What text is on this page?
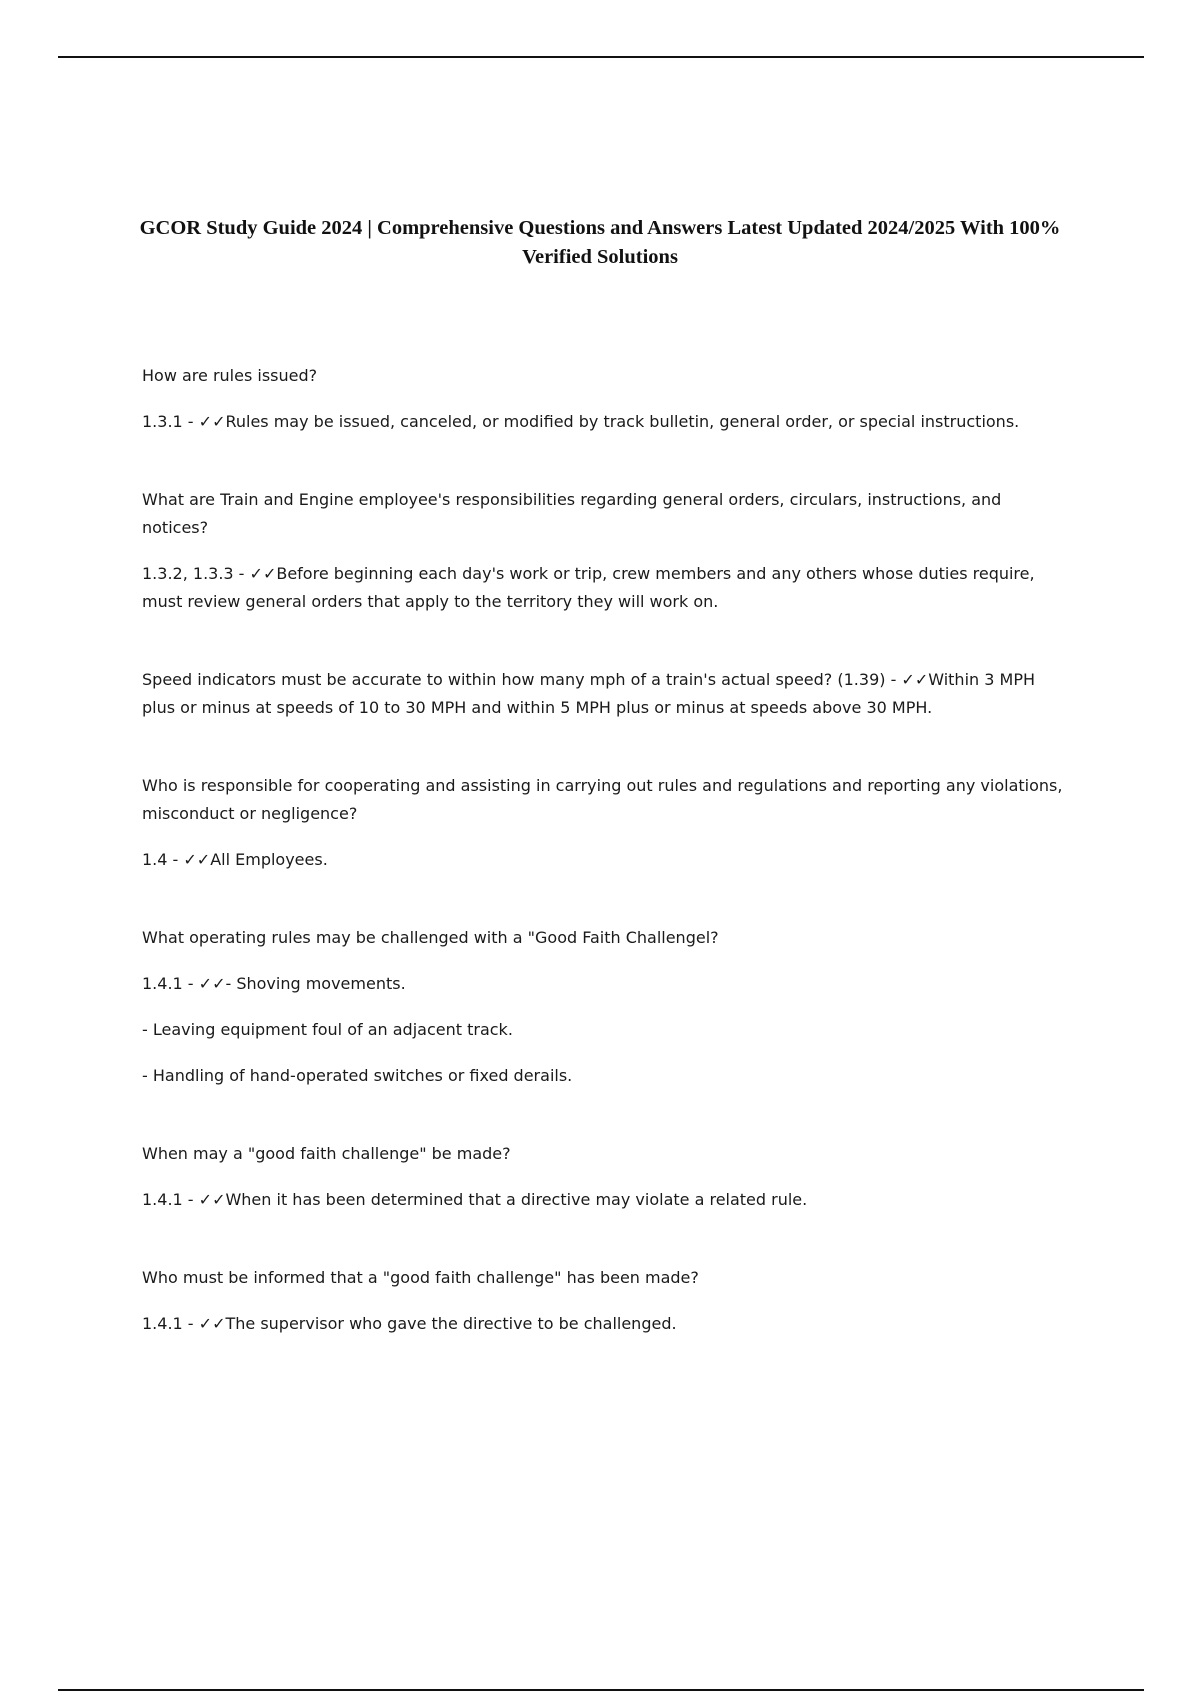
GCOR Study Guide 2024 | Comprehensive Questions and Answers Latest Updated 2024/2025 With 100% Verified Solutions

How are rules issued?

1.3.1 - ✓✓Rules may be issued, canceled, or modified by track bulletin, general order, or special instructions.

What are Train and Engine employee's responsibilities regarding general orders, circulars, instructions, and notices?

1.3.2, 1.3.3 - ✓✓Before beginning each day's work or trip, crew members and any others whose duties require, must review general orders that apply to the territory they will work on.

Speed indicators must be accurate to within how many mph of a train's actual speed? (1.39) - ✓✓Within 3 MPH plus or minus at speeds of 10 to 30 MPH and within 5 MPH plus or minus at speeds above 30 MPH.

Who is responsible for cooperating and assisting in carrying out rules and regulations and reporting any violations, misconduct or negligence?

1.4 - ✓✓All Employees.

What operating rules may be challenged with a "Good Faith Challengel?

1.4.1 - ✓✓- Shoving movements.

- Leaving equipment foul of an adjacent track.

- Handling of hand-operated switches or fixed derails.

When may a "good faith challenge" be made?

1.4.1 - ✓✓When it has been determined that a directive may violate a related rule.

Who must be informed that a "good faith challenge" has been made?

1.4.1 - ✓✓The supervisor who gave the directive to be challenged.
